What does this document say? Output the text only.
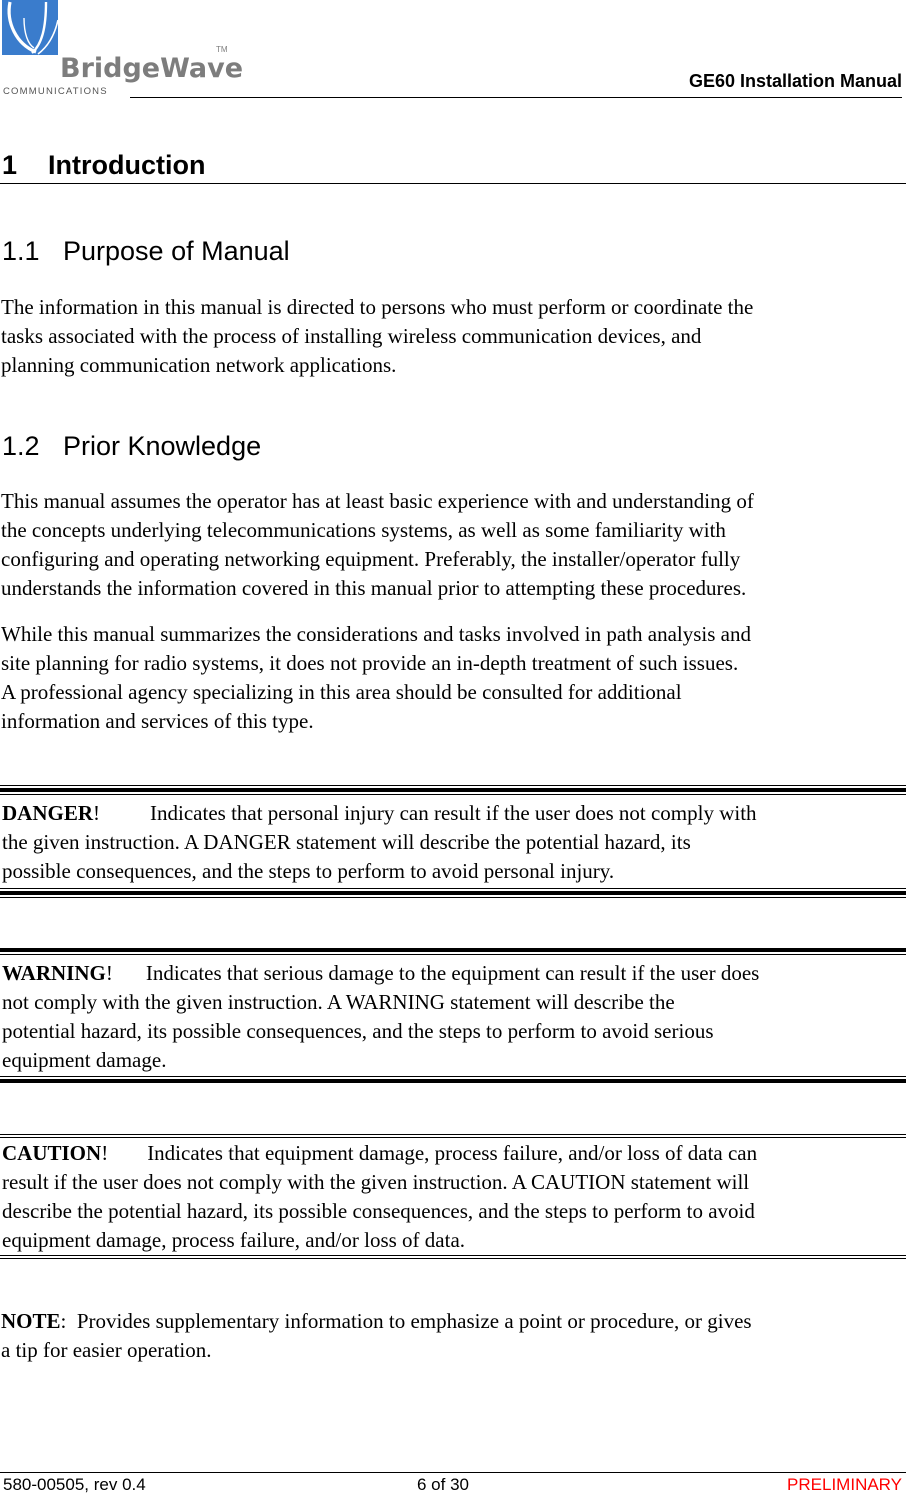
BridgeWave
TM
COMMUNICATIONS
GE60 Installation Manual
1 Introduction
1.1 Purpose of Manual
The information in this manual is directed to persons who must perform or coordinate the
tasks associated with the process of installing wireless communication devices, and
planning communication network applications.
1.2 Prior Knowledge
This manual assumes the operator has at least basic experience with and understanding of
the concepts underlying telecommunications systems, as well as some familiarity with
configuring and operating networking equipment. Preferably, the installer/operator fully
understands the information covered in this manual prior to attempting these procedures.
While this manual summarizes the considerations and tasks involved in path analysis and
site planning for radio systems, it does not provide an in-depth treatment of such issues.
A professional agency specializing in this area should be consulted for additional
information and services of this type.
DANGER! Indicates that personal injury can result if the user does not comply with
the given instruction. A DANGER statement will describe the potential hazard, its
possible consequences, and the steps to perform to avoid personal injury.
WARNING! Indicates that serious damage to the equipment can result if the user does
not comply with the given instruction. A WARNING statement will describe the
potential hazard, its possible consequences, and the steps to perform to avoid serious
equipment damage.
CAUTION! Indicates that equipment damage, process failure, and/or loss of data can
result if the user does not comply with the given instruction. A CAUTION statement will
describe the potential hazard, its possible consequences, and the steps to perform to avoid
equipment damage, process failure, and/or loss of data.
NOTE: Provides supplementary information to emphasize a point or procedure, or gives
a tip for easier operation.
580-00505, rev 0.4	6 of 30	PRELIMINARY
